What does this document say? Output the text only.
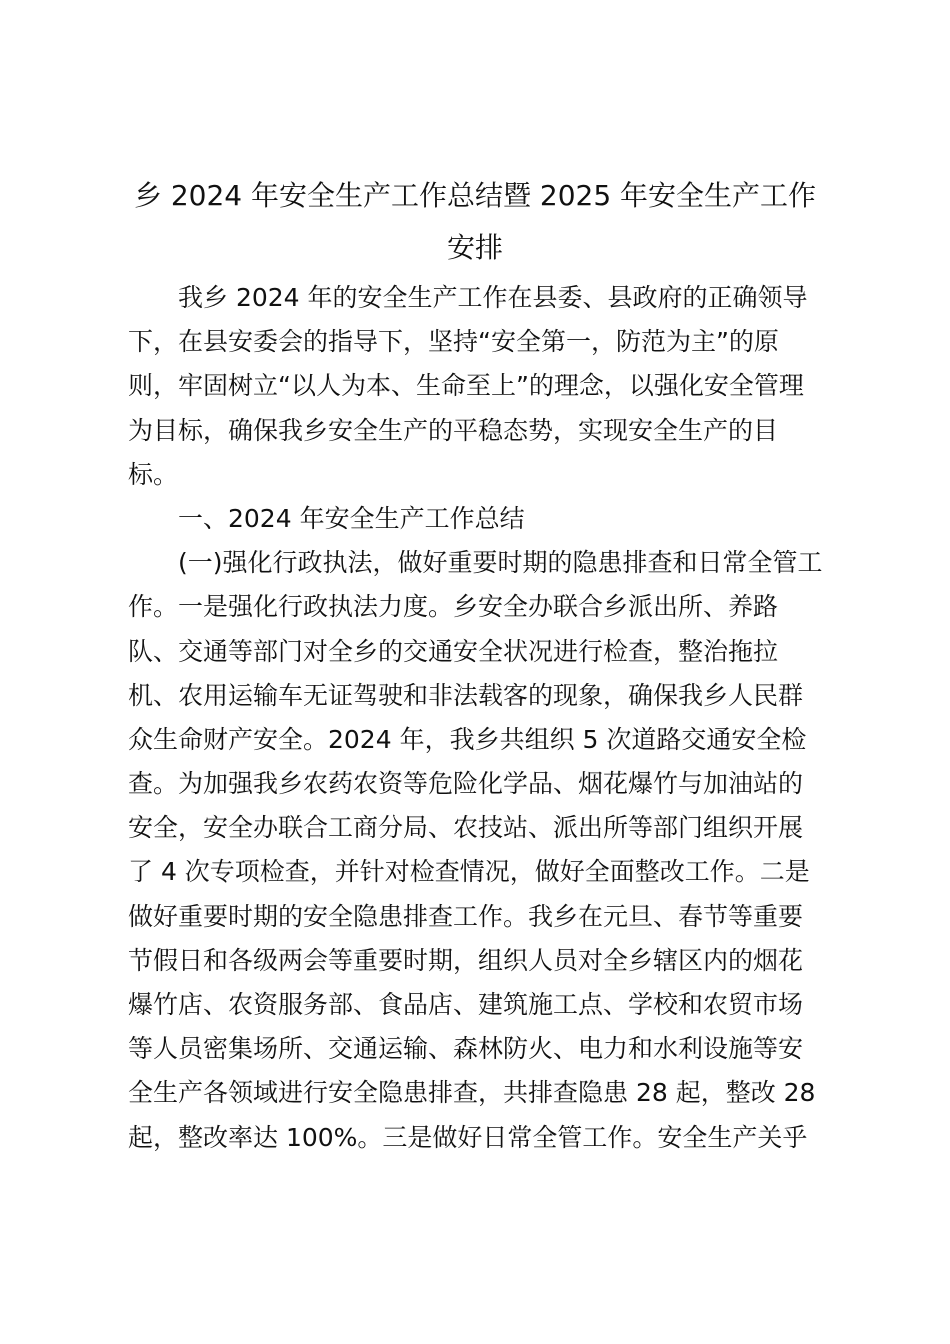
乡 2024 年安全生产工作总结暨 2025 年安全生产工作
安排
我乡 2024 年的安全生产工作在县委、县政府的正确领导
下，在县安委会的指导下，坚持“安全第一，防范为主”的原
则，牢固树立“以人为本、生命至上”的理念，以强化安全管理
为目标，确保我乡安全生产的平稳态势，实现安全生产的目
标。
一、2024 年安全生产工作总结
(一)强化行政执法，做好重要时期的隐患排查和日常全管工
作。一是强化行政执法力度。乡安全办联合乡派出所、养路
队、交通等部门对全乡的交通安全状况进行检查，整治拖拉
机、农用运输车无证驾驶和非法载客的现象，确保我乡人民群
众生命财产安全。2024 年，我乡共组织 5 次道路交通安全检
查。为加强我乡农药农资等危险化学品、烟花爆竹与加油站的
安全，安全办联合工商分局、农技站、派出所等部门组织开展
了 4 次专项检查，并针对检查情况，做好全面整改工作。二是
做好重要时期的安全隐患排查工作。我乡在元旦、春节等重要
节假日和各级两会等重要时期，组织人员对全乡辖区内的烟花
爆竹店、农资服务部、食品店、建筑施工点、学校和农贸市场
等人员密集场所、交通运输、森林防火、电力和水利设施等安
全生产各领域进行安全隐患排查，共排查隐患 28 起，整改 28
起，整改率达 100%。三是做好日常全管工作。安全生产关乎
